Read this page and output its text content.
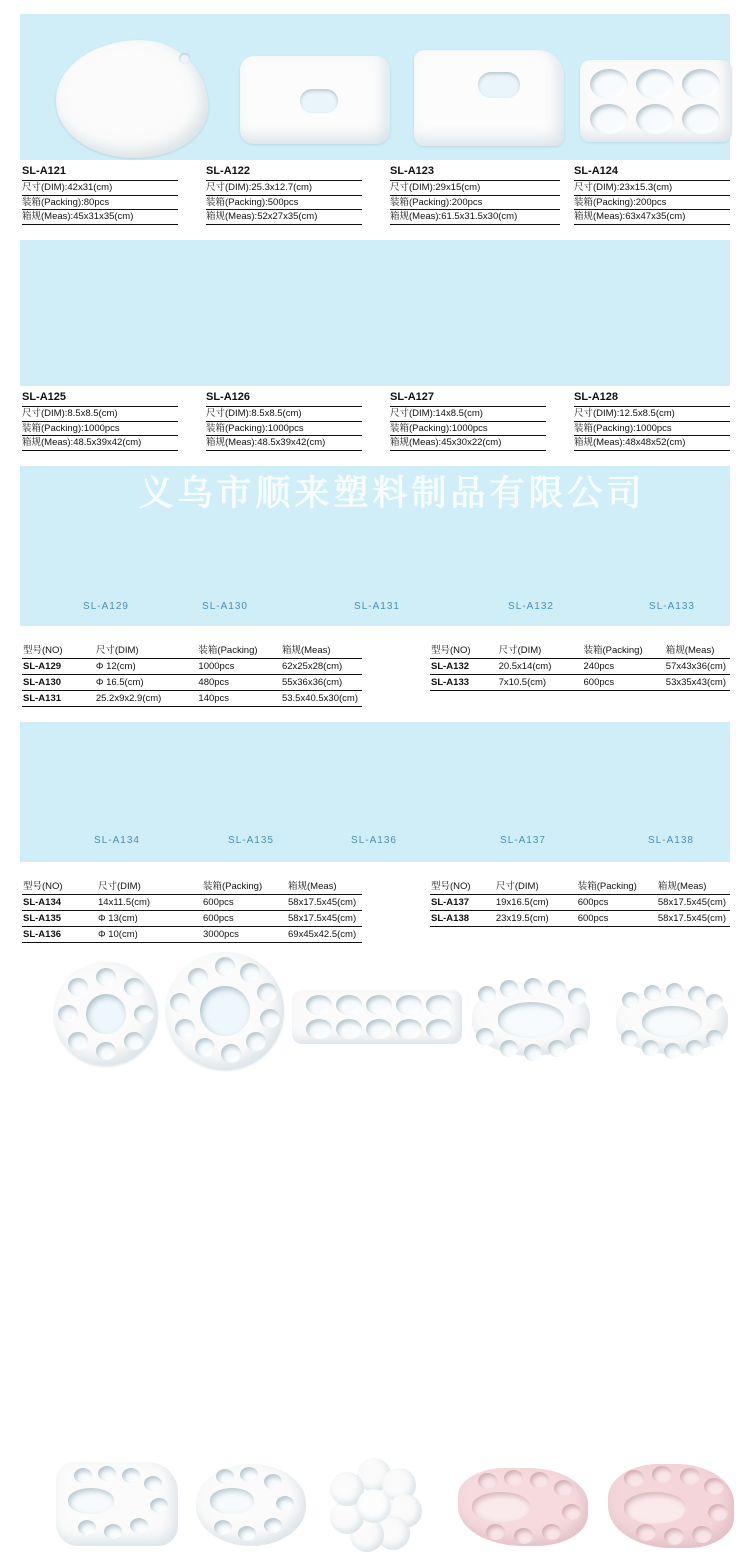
SL-A121
尺寸(DIM):42x31(cm)
装箱(Packing):80pcs
箱规(Meas):45x31x35(cm)
SL-A122
尺寸(DIM):25.3x12.7(cm)
装箱(Packing):500pcs
箱规(Meas):52x27x35(cm)
SL-A123
尺寸(DIM):29x15(cm)
装箱(Packing):200pcs
箱规(Meas):61.5x31.5x30(cm)
SL-A124
尺寸(DIM):23x15.3(cm)
装箱(Packing):200pcs
箱规(Meas):63x47x35(cm)
SL-A125
尺寸(DIM):8.5x8.5(cm)
装箱(Packing):1000pcs
箱规(Meas):48.5x39x42(cm)
SL-A126
尺寸(DIM):8.5x8.5(cm)
装箱(Packing):1000pcs
箱规(Meas):48.5x39x42(cm)
SL-A127
尺寸(DIM):14x8.5(cm)
装箱(Packing):1000pcs
箱规(Meas):45x30x22(cm)
SL-A128
尺寸(DIM):12.5x8.5(cm)
装箱(Packing):1000pcs
箱规(Meas):48x48x52(cm)
SL-A129	SL-A130	SL-A131	SL-A132	SL-A133
型号(NO)	尺寸(DIM)	装箱(Packing)	箱规(Meas)
SL-A129	Φ 12(cm)	1000pcs	62x25x28(cm)
SL-A130	Φ 16.5(cm)	480pcs	55x36x36(cm)
SL-A131	25.2x9x2.9(cm)	140pcs	53.5x40.5x30(cm)
型号(NO)	尺寸(DIM)	装箱(Packing)	箱规(Meas)
SL-A132	20.5x14(cm)	240pcs	57x43x36(cm)
SL-A133	7x10.5(cm)	600pcs	53x35x43(cm)
SL-A134	SL-A135	SL-A136	SL-A137	SL-A138
型号(NO)	尺寸(DIM)	装箱(Packing)	箱规(Meas)
SL-A134	14x11.5(cm)	600pcs	58x17.5x45(cm)
SL-A135	Φ 13(cm)	600pcs	58x17.5x45(cm)
SL-A136	Φ 10(cm)	3000pcs	69x45x42.5(cm)
型号(NO)	尺寸(DIM)	装箱(Packing)	箱规(Meas)
SL-A137	19x16.5(cm)	600pcs	58x17.5x45(cm)
SL-A138	23x19.5(cm)	600pcs	58x17.5x45(cm)
义乌市顺来塑料制品有限公司
